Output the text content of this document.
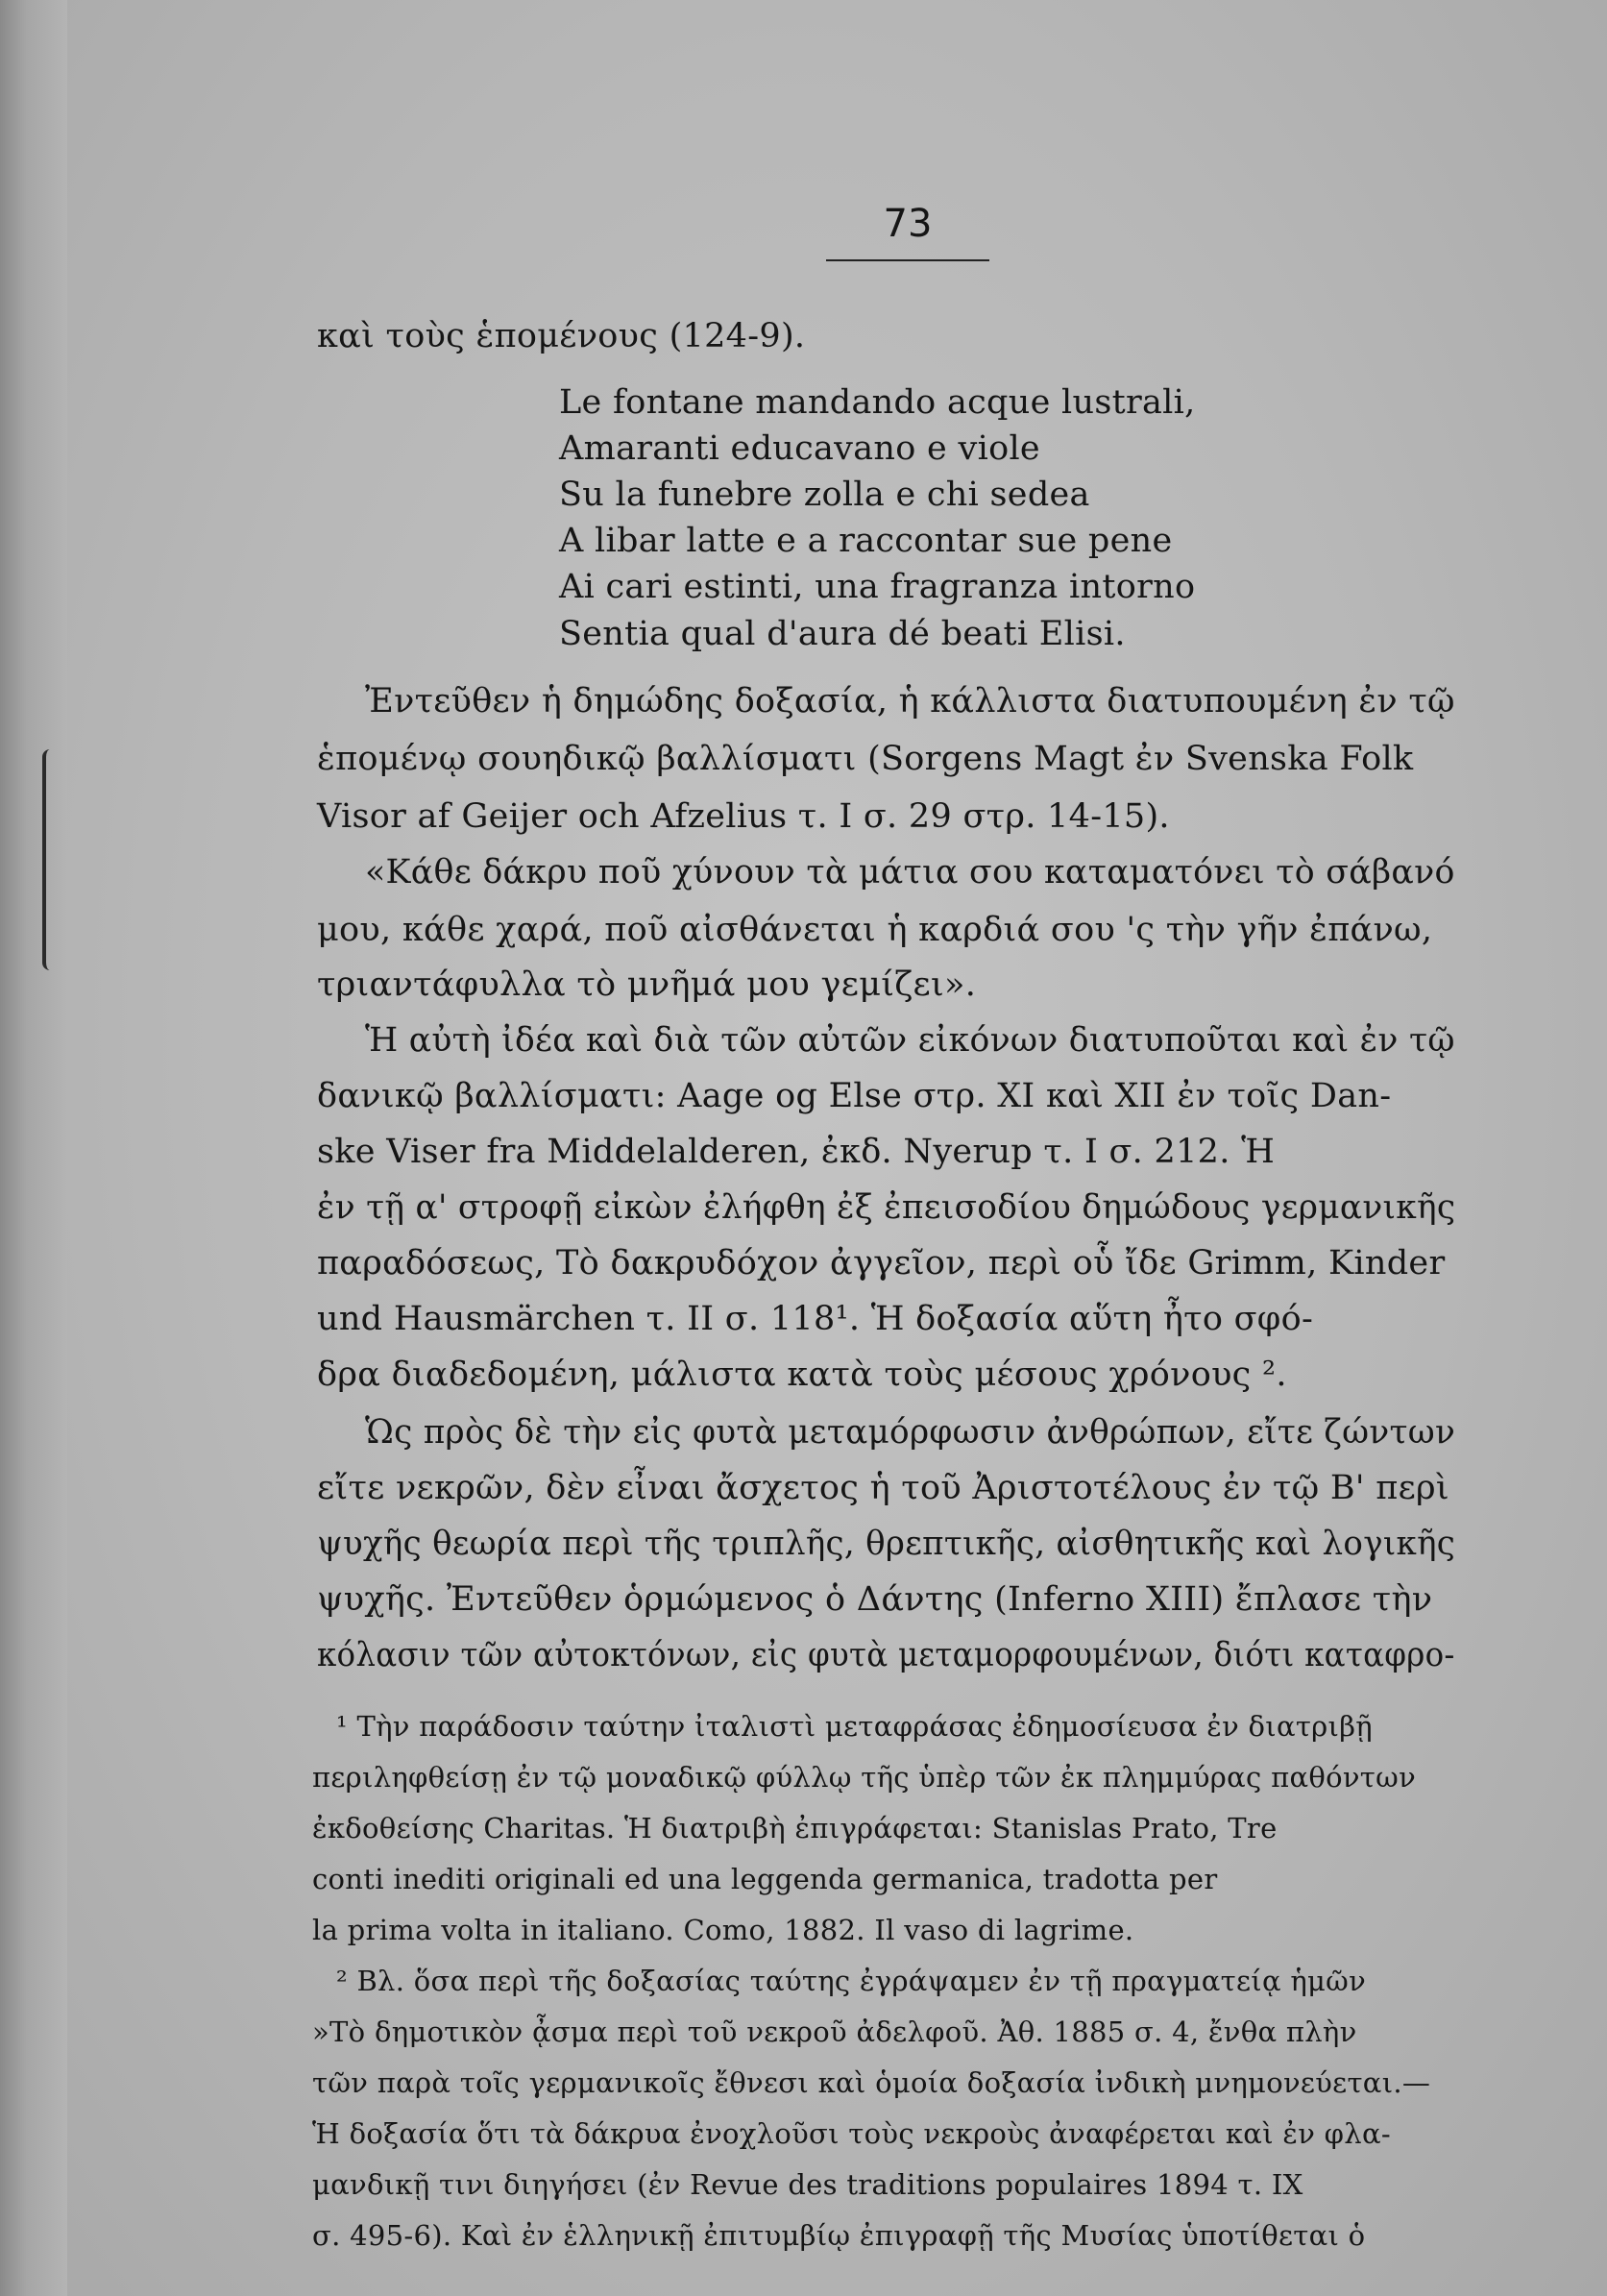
73
καὶ τοὺς ἑπομένους (124-9).
Le fontane mandando acque lustrali,
Amaranti educavano e viole
Su la funebre zolla e chi sedea
A libar latte e a raccontar sue pene
Ai cari estinti, una fragranza intorno
Sentia qual d'aura dé beati Elisi.
Ἐντεῦθεν ἡ δημώδης δοξασία, ἡ κάλλιστα διατυπουμένη ἐν τῷ
ἑπομένῳ σουηδικῷ βαλλίσματι (Sorgens Magt ἐν Svenska Folk
Visor af Geijer och Afzelius τ. I σ. 29 στρ. 14-15).
«Κάθε δάκρυ ποῦ χύνουν τὰ μάτια σου καταματόνει τὸ σάβανό
μου, κάθε χαρά, ποῦ αἰσθάνεται ἡ καρδιά σου 'ς τὴν γῆν ἐπάνω,
τριαντάφυλλα τὸ μνῆμά μου γεμίζει».
Ἡ αὐτὴ ἰδέα καὶ διὰ τῶν αὐτῶν εἰκόνων διατυποῦται καὶ ἐν τῷ
δανικῷ βαλλίσματι: Aage og Else στρ. XI καὶ XII ἐν τοῖς Dan-
ske Viser fra Middelalderen, ἐκδ. Nyerup τ. I σ. 212. Ἡ
ἐν τῇ α' στροφῇ εἰκὼν ἐλήφθη ἐξ ἐπεισοδίου δημώδους γερμανικῆς
παραδόσεως, Τὸ δακρυδόχον ἀγγεῖον, περὶ οὗ ἴδε Grimm, Kinder
und Hausmärchen τ. II σ. 118¹. Ἡ δοξασία αὕτη ἦτο σφό-
δρα διαδεδομένη, μάλιστα κατὰ τοὺς μέσους χρόνους ².
Ὡς πρὸς δὲ τὴν εἰς φυτὰ μεταμόρφωσιν ἀνθρώπων, εἴτε ζώντων
εἴτε νεκρῶν, δὲν εἶναι ἄσχετος ἡ τοῦ Ἀριστοτέλους ἐν τῷ Β' περὶ
ψυχῆς θεωρία περὶ τῆς τριπλῆς, θρεπτικῆς, αἰσθητικῆς καὶ λογικῆς
ψυχῆς. Ἐντεῦθεν ὁρμώμενος ὁ Δάντης (Inferno XIII) ἔπλασε τὴν
κόλασιν τῶν αὐτοκτόνων, εἰς φυτὰ μεταμορφουμένων, διότι καταφρο-
¹ Τὴν παράδοσιν ταύτην ἰταλιστὶ μεταφράσας ἐδημοσίευσα ἐν διατριβῇ
περιληφθείσῃ ἐν τῷ μοναδικῷ φύλλῳ τῆς ὑπὲρ τῶν ἐκ πλημμύρας παθόντων
ἐκδοθείσης Charitas. Ἡ διατριβὴ ἐπιγράφεται: Stanislas Prato, Tre
conti inediti originali ed una leggenda germanica, tradotta per
la prima volta in italiano. Como, 1882. Il vaso di lagrime.
² Βλ. ὅσα περὶ τῆς δοξασίας ταύτης ἐγράψαμεν ἐν τῇ πραγματείᾳ ἡμῶν
»Τὸ δημοτικὸν ᾆσμα περὶ τοῦ νεκροῦ ἀδελφοῦ. Ἀθ. 1885 σ. 4, ἔνθα πλὴν
τῶν παρὰ τοῖς γερμανικοῖς ἔθνεσι καὶ ὁμοία δοξασία ἰνδικὴ μνημονεύεται.—
Ἡ δοξασία ὅτι τὰ δάκρυα ἐνοχλοῦσι τοὺς νεκροὺς ἀναφέρεται καὶ ἐν φλα-
μανδικῇ τινι διηγήσει (ἐν Revue des traditions populaires 1894 τ. IX
σ. 495-6). Καὶ ἐν ἑλληνικῇ ἐπιτυμβίῳ ἐπιγραφῇ τῆς Μυσίας ὑποτίθεται ὁ
